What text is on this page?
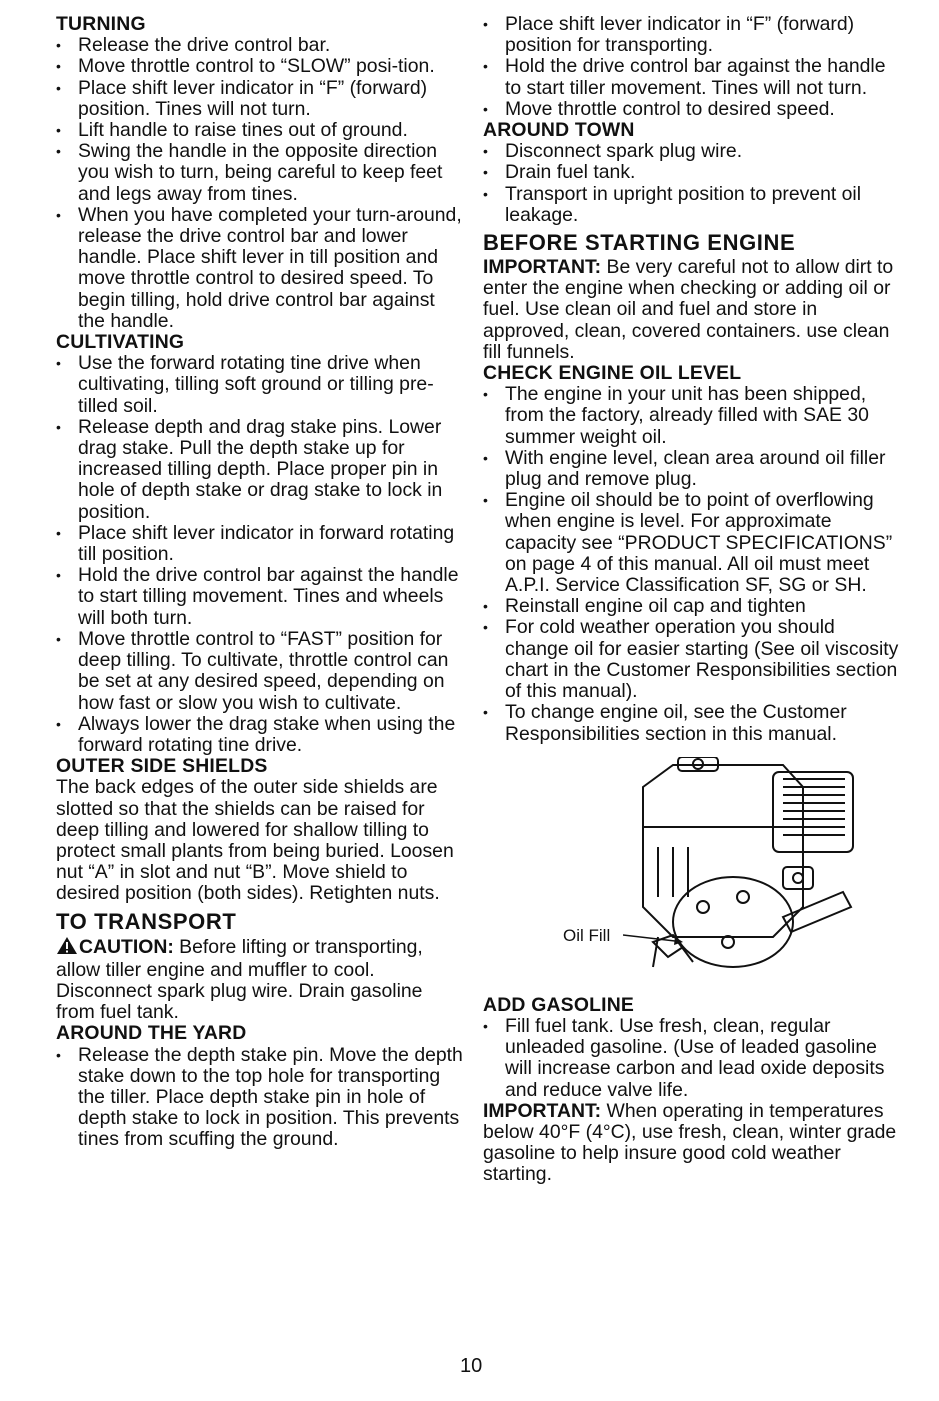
TURNING
• Release the drive control bar.
• Move throttle control to “SLOW” posi-tion.
• Place shift lever indicator in “F” (forward) position. Tines will not turn.
• Lift handle to raise tines out of ground.
• Swing the handle in the opposite direction you wish to turn, being careful to keep feet and legs away from tines.
• When you have completed your turn-around, release the drive control bar and lower handle. Place shift lever in till position and move throttle control to desired speed. To begin tilling, hold drive control bar against the handle.
CULTIVATING
• Use the forward rotating tine drive when cultivating, tilling soft ground or tilling pre-tilled soil.
• Release depth and drag stake pins. Lower drag stake. Pull the depth stake up for increased tilling depth. Place proper pin in hole of depth stake or drag stake to lock in position.
• Place shift lever indicator in forward rotating till position.
• Hold the drive control bar against the handle to start tilling movement. Tines and wheels will both turn.
• Move throttle control to “FAST” position for deep tilling. To cultivate, throttle control can be set at any desired speed, depending on how fast or slow you wish to cultivate.
• Always lower the drag stake when using the forward rotating tine drive.
OUTER SIDE SHIELDS

The back edges of the outer side shields are slotted so that the shields can be raised for deep tilling and lowered for shallow tilling to protect small plants from being buried. Loosen nut “A” in slot and nut “B”. Move shield to desired position (both sides). Retighten nuts.

TO TRANSPORT

CAUTION: Before lifting or transporting, allow tiller engine and muffler to cool. Disconnect spark plug wire. Drain gasoline from fuel tank.

AROUND THE YARD
• Release the depth stake pin. Move the depth stake down to the top hole for transporting the tiller. Place depth stake pin in hole of depth stake to lock in position. This prevents tines from scuffing the ground.
• Place shift lever indicator in “F” (forward) position for transporting.
• Hold the drive control bar against the handle to start tiller movement. Tines will not turn.
• Move throttle control to desired speed.
AROUND TOWN
• Disconnect spark plug wire.
• Drain fuel tank.
• Transport in upright position to prevent oil leakage.
BEFORE STARTING ENGINE

IMPORTANT: Be very careful not to allow dirt to enter the engine when checking or adding oil or fuel. Use clean oil and fuel and store in approved, clean, covered containers. use clean fill funnels.

CHECK ENGINE OIL LEVEL
• The engine in your unit has been shipped, from the factory, already filled with SAE 30 summer weight oil.
• With engine level, clean area around oil filler plug and remove plug.
• Engine oil should be to point of overflowing when engine is level. For approximate capacity see “PRODUCT SPECIFICATIONS” on page 4 of this manual. All oil must meet A.P.I. Service Classification SF, SG or SH.
• Reinstall engine oil cap and tighten
• For cold weather operation you should change oil for easier starting (See oil viscosity chart in the Customer Responsibilities section of this manual).
• To change engine oil, see the Customer Responsibilities section in this manual.
Oil Fill
ADD GASOLINE
• Fill fuel tank. Use fresh, clean, regular unleaded gasoline. (Use of leaded gasoline will increase carbon and lead oxide deposits and reduce valve life.

IMPORTANT: When operating in temperatures below 40°F (4°C), use fresh, clean, winter grade gasoline to help insure good cold weather starting.

10
